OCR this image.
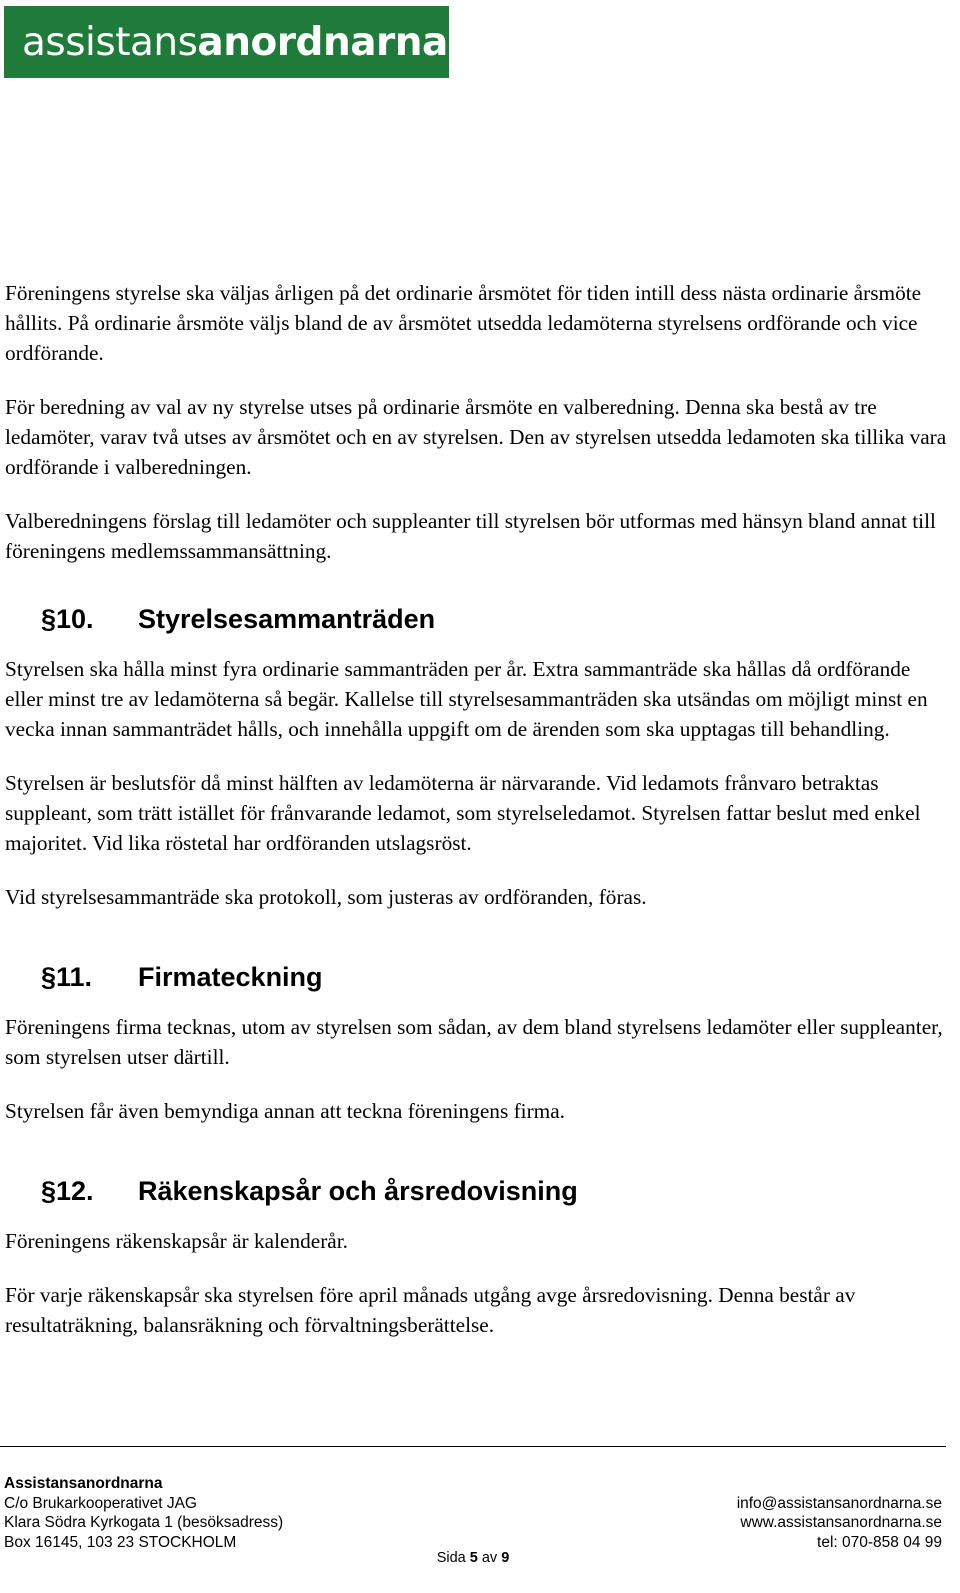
assistans anordnarna

Föreningens styrelse ska väljas årligen på det ordinarie årsmötet för tiden intill dess nästa ordinarie årsmöte hållits. På ordinarie årsmöte väljs bland de av årsmötet utsedda ledamöterna styrelsens ordförande och vice ordförande.

För beredning av val av ny styrelse utses på ordinarie årsmöte en valberedning. Denna ska bestå av tre ledamöter, varav två utses av årsmötet och en av styrelsen. Den av styrelsen utsedda ledamoten ska tillika vara ordförande i valberedningen.

Valberedningens förslag till ledamöter och suppleanter till styrelsen bör utformas med hänsyn bland annat till föreningens medlemssammansättning.

§10.	Styrelsesammanträden

Styrelsen ska hålla minst fyra ordinarie sammanträden per år. Extra sammanträde ska hållas då ordförande eller minst tre av ledamöterna så begär. Kallelse till styrelsesammanträden ska utsändas om möjligt minst en vecka innan sammanträdet hålls, och innehålla uppgift om de ärenden som ska upptagas till behandling.

Styrelsen är beslutsför då minst hälften av ledamöterna är närvarande. Vid ledamots frånvaro betraktas suppleant, som trätt istället för frånvarande ledamot, som styrelseledamot. Styrelsen fattar beslut med enkel majoritet. Vid lika röstetal har ordföranden utslagsröst.

Vid styrelsesammanträde ska protokoll, som justeras av ordföranden, föras.

§11.	Firmateckning

Föreningens firma tecknas, utom av styrelsen som sådan, av dem bland styrelsens ledamöter eller suppleanter, som styrelsen utser därtill.

Styrelsen får även bemyndiga annan att teckna föreningens firma.

§12.	Räkenskapsår och årsredovisning

Föreningens räkenskapsår är kalenderår.

För varje räkenskapsår ska styrelsen före april månads utgång avge årsredovisning. Denna består av resultaträkning, balansräkning och förvaltningsberättelse.

Assistansanordnarna
C/o Brukarkooperativet JAG
Klara Södra Kyrkogata 1 (besöksadress)
Box 16145, 103 23 STOCKHOLM
info@assistansanordnarna.se
www.assistansanordnarna.se
tel: 070-858 04 99
Sida 5 av 9
